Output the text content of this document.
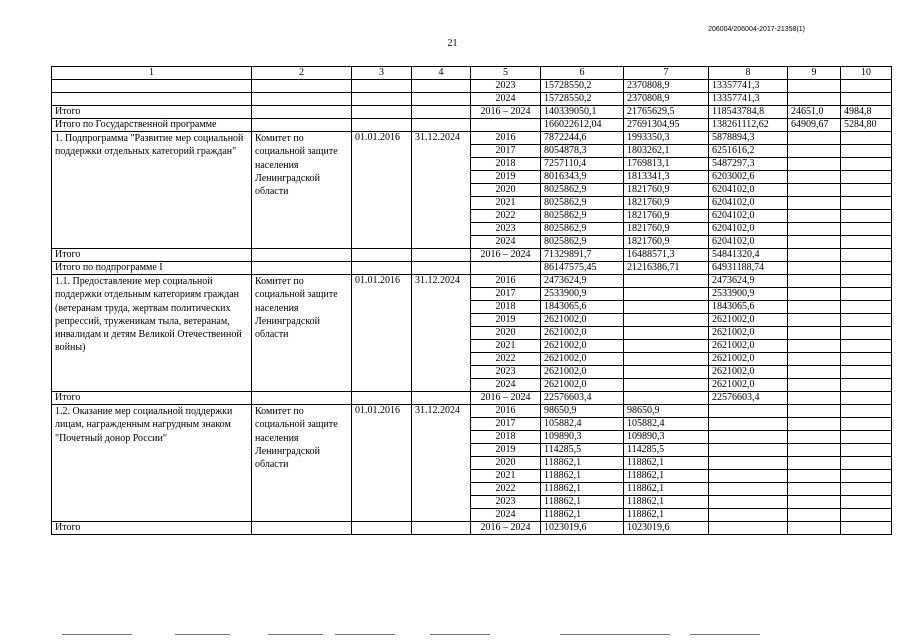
206004/206004-2017-21358(1)
21
1	2	3	4	5	6	7	8	9	10
				2023	15728550,2	2370808,9	13357741,3		
				2024	15728550,2	2370808,9	13357741,3		
Итого				2016 – 2024	140339050,1	21765629,5	118543784,8	24651,0	4984,8
Итого по Государственной программе					166022612,04	27691304,95	138261112,62	64909,67	5284,80
1. Подпрограмма "Развитие мер социальной поддержки отдельных категорий граждан"	Комитет по социальной защите населения Ленинградской области	01.01.2016	31.12.2024	2016	7872244,6	1993350,3	5878894,3		
				2017	8054878,3	1803262,1	6251616,2		
				2018	7257110,4	1769813,1	5487297,3		
				2019	8016343,9	1813341,3	6203002,6		
				2020	8025862,9	1821760,9	6204102,0		
				2021	8025862,9	1821760,9	6204102,0		
				2022	8025862,9	1821760,9	6204102,0		
				2023	8025862,9	1821760,9	6204102,0		
				2024	8025862,9	1821760,9	6204102,0		
Итого				2016 – 2024	71329891,7	16488571,3	54841320,4		
Итого по подпрограмме I					86147575,45	21216386,71	64931188,74		
1.1. Предоставление мер социальной поддержки отдельным категориям граждан (ветеранам труда, жертвам политических репрессий, труженикам тыла, ветеранам, инвалидам и детям Великой Отечественной войны)	Комитет по социальной защите населения Ленинградской области	01.01.2016	31.12.2024	2016	2473624,9		2473624,9		
				2017	2533900,9		2533900,9		
				2018	1843065,6		1843065,6		
				2019	2621002,0		2621002,0		
				2020	2621002,0		2621002,0		
				2021	2621002,0		2621002,0		
				2022	2621002,0		2621002,0		
				2023	2621002,0		2621002,0		
				2024	2621002,0		2621002,0		
Итого				2016 – 2024	22576603,4		22576603,4		
1.2. Оказание мер социальной поддержки лицам, награжденным нагрудным знаком "Почетный донор России"	Комитет по социальной защите населения Ленинградской области	01.01.2016	31.12.2024	2016	98650,9	98650,9			
				2017	105882,4	105882,4			
				2018	109890,3	109890,3			
				2019	114285,5	114285,5			
				2020	118862,1	118862,1			
				2021	118862,1	118862,1			
				2022	118862,1	118862,1			
				2023	118862,1	118862,1			
				2024	118862,1	118862,1			
Итого				2016 – 2024	1023019,6	1023019,6			
